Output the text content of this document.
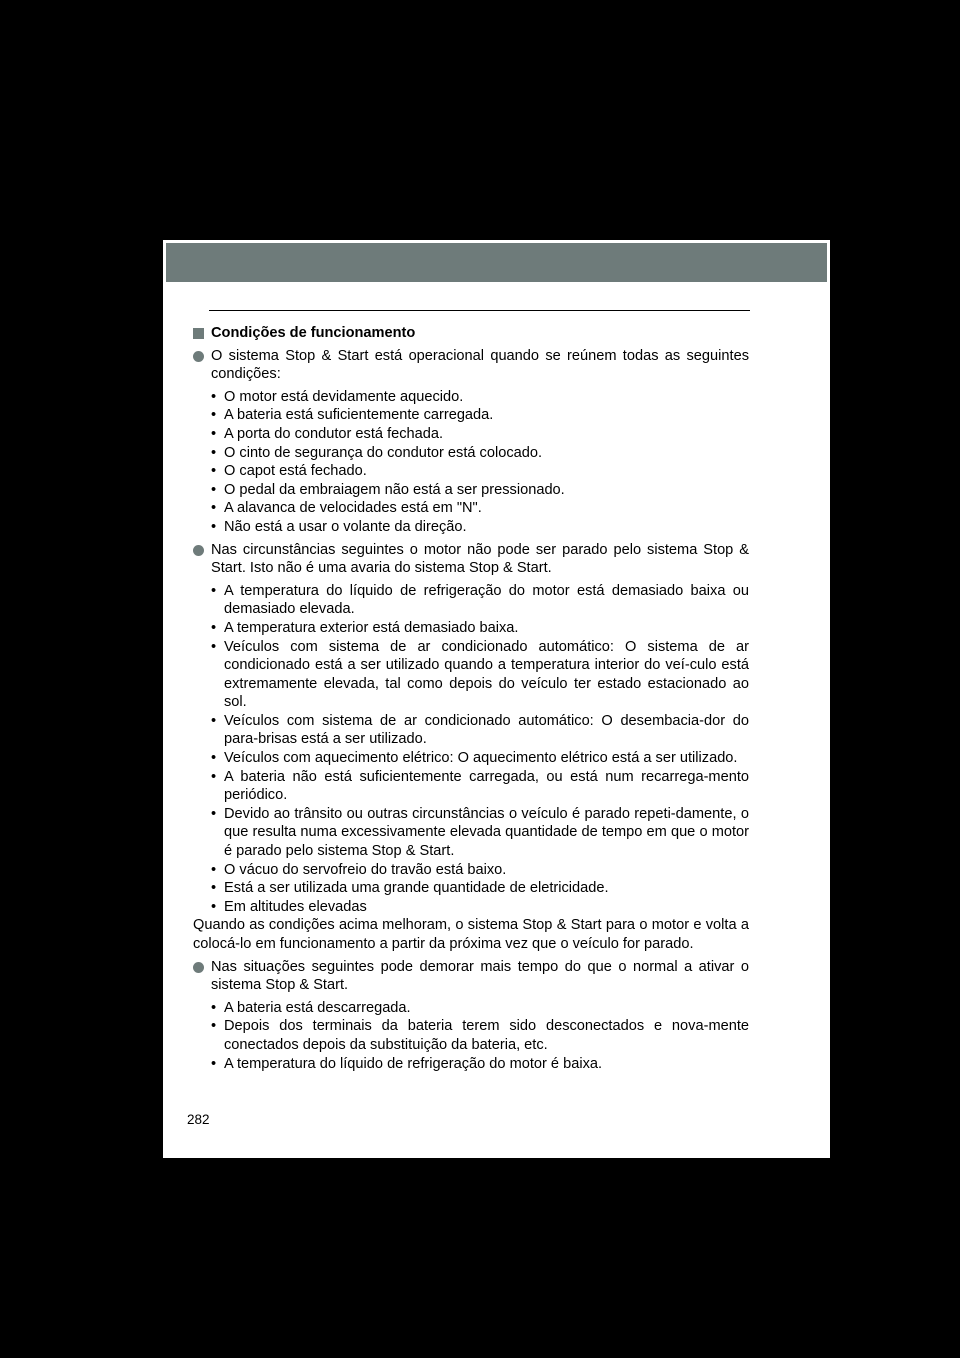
Condições de funcionamento
O sistema Stop & Start está operacional quando se reúnem todas as seguintes condições:
• O motor está devidamente aquecido.
• A bateria está suficientemente carregada.
• A porta do condutor está fechada.
• O cinto de segurança do condutor está colocado.
• O capot está fechado.
• O pedal da embraiagem não está a ser pressionado.
• A alavanca de velocidades está em "N".
• Não está a usar o volante da direção.
Nas circunstâncias seguintes o motor não pode ser parado pelo sistema Stop & Start. Isto não é uma avaria do sistema Stop & Start.
• A temperatura do líquido de refrigeração do motor está demasiado baixa ou demasiado elevada.
• A temperatura exterior está demasiado baixa.
• Veículos com sistema de ar condicionado automático: O sistema de ar condicionado está a ser utilizado quando a temperatura interior do veí-culo está extremamente elevada, tal como depois do veículo ter estado estacionado ao sol.
• Veículos com sistema de ar condicionado automático: O desembacia-dor do para-brisas está a ser utilizado.
• Veículos com aquecimento elétrico: O aquecimento elétrico está a ser utilizado.
• A bateria não está suficientemente carregada, ou está num recarrega-mento periódico.
• Devido ao trânsito ou outras circunstâncias o veículo é parado repeti-damente, o que resulta numa excessivamente elevada quantidade de tempo em que o motor é parado pelo sistema Stop & Start.
• O vácuo do servofreio do travão está baixo.
• Está a ser utilizada uma grande quantidade de eletricidade.
• Em altitudes elevadas
Quando as condições acima melhoram, o sistema Stop & Start para o motor e volta a colocá-lo em funcionamento a partir da próxima vez que o veículo for parado.
Nas situações seguintes pode demorar mais tempo do que o normal a ativar o sistema Stop & Start.
• A bateria está descarregada.
• Depois dos terminais da bateria terem sido desconectados e nova-mente conectados depois da substituição da bateria, etc.
• A temperatura do líquido de refrigeração do motor é baixa.
282
